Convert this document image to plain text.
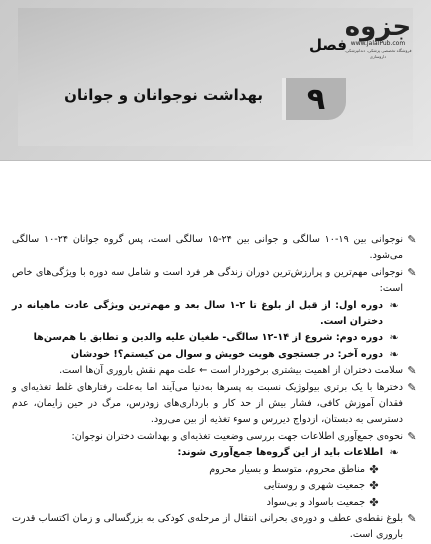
فصل
جزوه
www.JalalPub.com
فروشگاه تخصصی پزشکی، دندانپزشکی، داروسازی
۹
بهداشت نوجوانان و جوانان

✎
نوجوانی بین ۱۹-۱۰ سالگی و جوانی بین ۲۴-۱۵ سالگی است، پس گروه جوانان ۲۴-۱۰ سالگی می‌شود.

✎
نوجوانی مهم‌ترین و پرارزش‌ترین دوران زندگی هر فرد است و شامل سه دوره با ویژگی‌های خاص است:

❧
دوره اول: از قبل از بلوغ تا ۲-۱ سال بعد و مهم‌ترین ویژگی عادت ماهیانه در دختران است.

❧
دوره دوم: شروع از ۱۴-۱۲ سالگی- طغیان علیه والدین و تطابق با هم‌سن‌ها

❧
دوره آخر: در جستجوی هویت خویش و سوال من کیستم؟! خودشان

✎
سلامت دختران از اهمیت بیشتری برخوردار است ← علت مهم نقش باروری آن‌ها است.

✎
دخترها با یک برتری بیولوژیک نسبت به پسرها به‌دنیا می‌آیند اما به‌علت رفتارهای غلط تغذیه‌ای و فقدان آموزش کافی، فشار بیش از حد کار و بارداری‌های زودرس، مرگ در حین زایمان، عدم دسترسی به دبستان، ازدواج دیررس و سوء تغذیه از بین می‌رود.

✎
نحوه‌ی جمع‌آوری اطلاعات جهت بررسی وضعیت تغذیه‌ای و بهداشت دختران نوجوان:

❧
اطلاعات باید از این گروه‌ها جمع‌آوری شوند:

✤
مناطق محروم، متوسط و بسیار محروم

✤
جمعیت شهری و روستایی

✤
جمعیت باسواد و بی‌سواد

✎
بلوغ نقطه‌ی عطف و دوره‌ی بحرانی انتقال از مرحله‌ی کودکی به بزرگسالی و زمان اکتساب قدرت باروری است.
